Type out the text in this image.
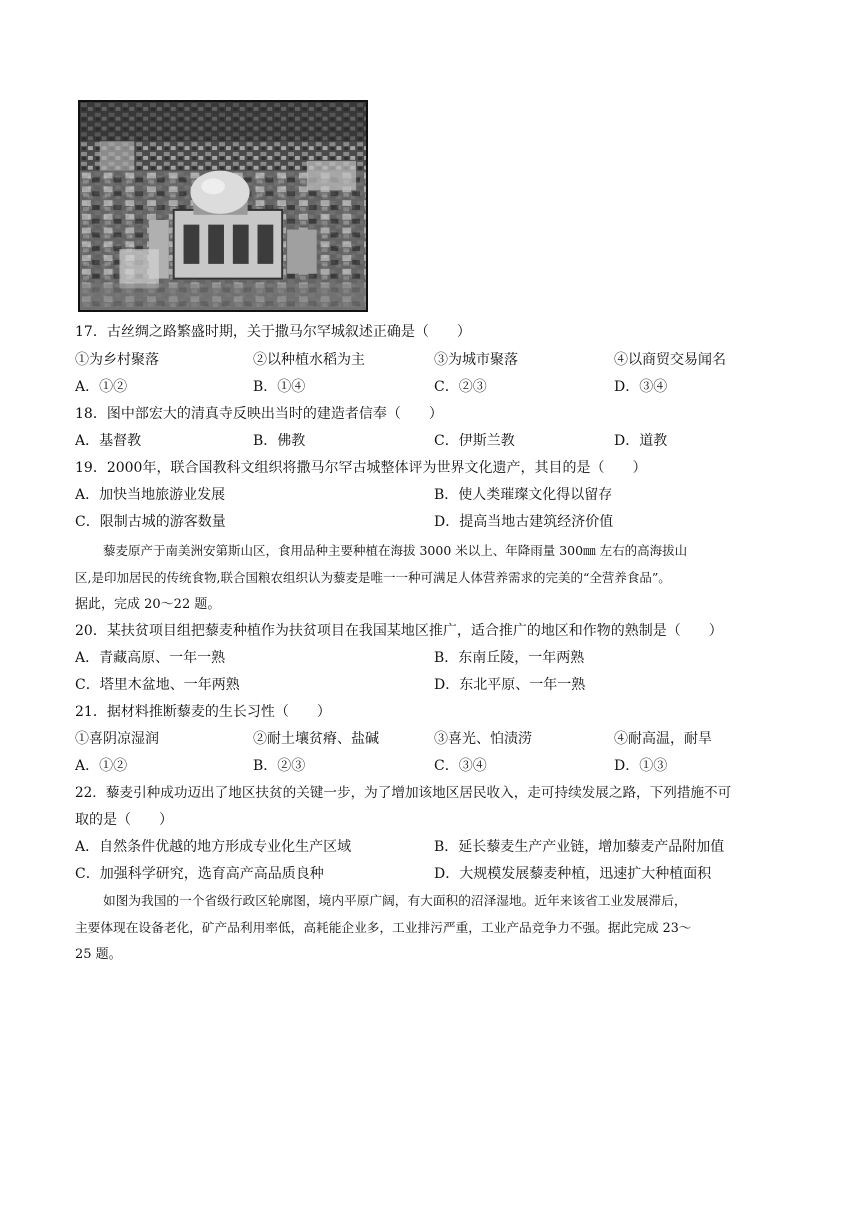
17．古丝绸之路繁盛时期，关于撒马尔罕城叙述正确是（　　）
①为乡村聚落	②以种植水稻为主	③为城市聚落	④以商贸交易闻名
A．①②	B．①④	C．②③	D．③④
18．图中部宏大的清真寺反映出当时的建造者信奉（　　）
A．基督教	B．佛教	C．伊斯兰教	D．道教
19．2000年，联合国教科文组织将撒马尔罕古城整体评为世界文化遗产，其目的是（　　）
A．加快当地旅游业发展	B．使人类璀璨文化得以留存
C．限制古城的游客数量	D．提高当地古建筑经济价值
藜麦原产于南美洲安第斯山区，食用品种主要种植在海拔 3000 米以上、年降雨量 300㎜ 左右的高海拔山
区,是印加居民的传统食物,联合国粮农组织认为藜麦是唯一一种可满足人体营养需求的完美的“全营养食品”。
据此，完成 20～22 题。
20．某扶贫项目组把藜麦种植作为扶贫项目在我国某地区推广，适合推广的地区和作物的熟制是（　　）
A．青藏高原、一年一熟	B．东南丘陵，一年两熟
C．塔里木盆地、一年两熟	D．东北平原、一年一熟
21．据材料推断藜麦的生长习性（　　）
①喜阴凉湿润	②耐土壤贫瘠、盐碱	③喜光、怕渍涝	④耐高温，耐旱
A．①②	B．②③	C．③④	D．①③
22．藜麦引种成功迈出了地区扶贫的关键一步，为了增加该地区居民收入，走可持续发展之路，下列措施不可
取的是（　　）
A．自然条件优越的地方形成专业化生产区域	B．延长藜麦生产产业链，增加藜麦产品附加值
C．加强科学研究，选育高产高品质良种	D．大规模发展藜麦种植，迅速扩大种植面积
如图为我国的一个省级行政区轮廓图，境内平原广阔，有大面积的沼泽湿地。近年来该省工业发展滞后，
主要体现在设备老化，矿产品利用率低，高耗能企业多，工业排污严重，工业产品竞争力不强。据此完成 23～
25 题。
